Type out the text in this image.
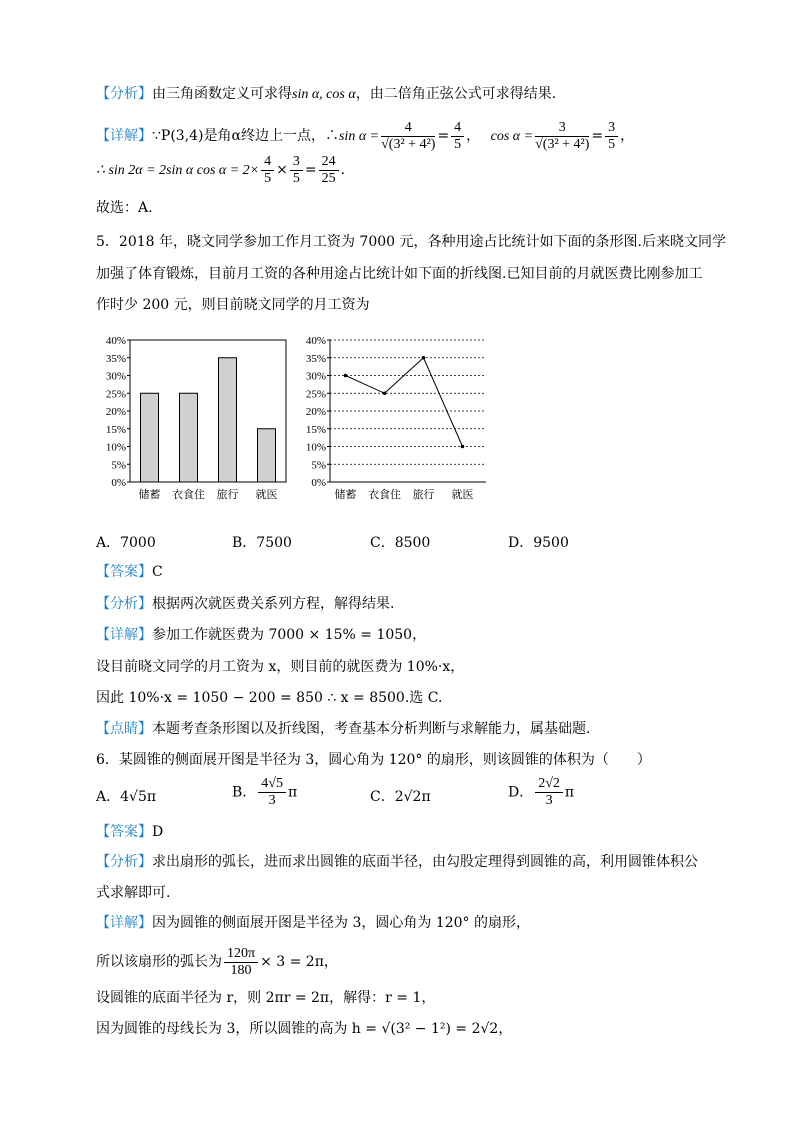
【分析】由三角函数定义可求得sin α, cos α，由二倍角正弦公式可求得结果.
【详解】∵P(3,4)是角α终边上一点，∴sin $\alpha = \frac{4}{\text{√(3² + 4²)}} = \frac{4}{5}$ ， $\cos \alpha = \frac{3}{\text{√(3² + 4²)}} = \frac{3}{5}$ ，
∴ sin 2α = 2sin α $\cos \alpha = 2\times \frac{4}{5} \times \frac{3}{5} = \frac{24}{25}$ .
故选：A.
5．2018 年，晓文同学参加工作月工资为 7000 元，各种用途占比统计如下面的条形图.后来晓文同学
加强了体育锻炼，目前月工资的各种用途占比统计如下面的折线图.已知目前的月就医费比刚参加工
作时少 200 元，则目前晓文同学的月工资为
0%
5%
10%
15%
20%
25%
30%
35%
40%
储蓄 衣食住 旅行 就医
0%
5%
10%
15%
20%
25%
30%
35%
40%
储蓄 衣食住 旅行 就医
A．7000	B．7500	C．8500	D．9500
【答案】C
【分析】根据两次就医费关系列方程，解得结果.
【详解】参加工作就医费为 7000 × 15% = 1050，
设目前晓文同学的月工资为 x，则目前的就医费为 10%·x，
因此 10%·x = 1050 − 200 = 850 ∴ x = 8500.选 C.
【点睛】本题考查条形图以及折线图，考查基本分析判断与求解能力，属基础题.
6．某圆锥的侧面展开图是半径为 3，圆心角为 120° 的扇形，则该圆锥的体积为（　　）
A．4√5π	B． $\frac{4√5}{3}$ π	C．2√2π	D． $\frac{2√2}{3}$ π
【答案】D
【分析】求出扇形的弧长，进而求出圆锥的底面半径，由勾股定理得到圆锥的高，利用圆锥体积公
式求解即可.
【详解】因为圆锥的侧面展开图是半径为 3，圆心角为 120° 的扇形，
所以该扇形的弧长为 $\frac{120\pi}{180} \times 3 = 2\pi$，
设圆锥的底面半径为 r，则 2πr = 2π，解得：r = 1，
因为圆锥的母线长为 3，所以圆锥的高为 h = √(3² − 1²) = 2√2，
